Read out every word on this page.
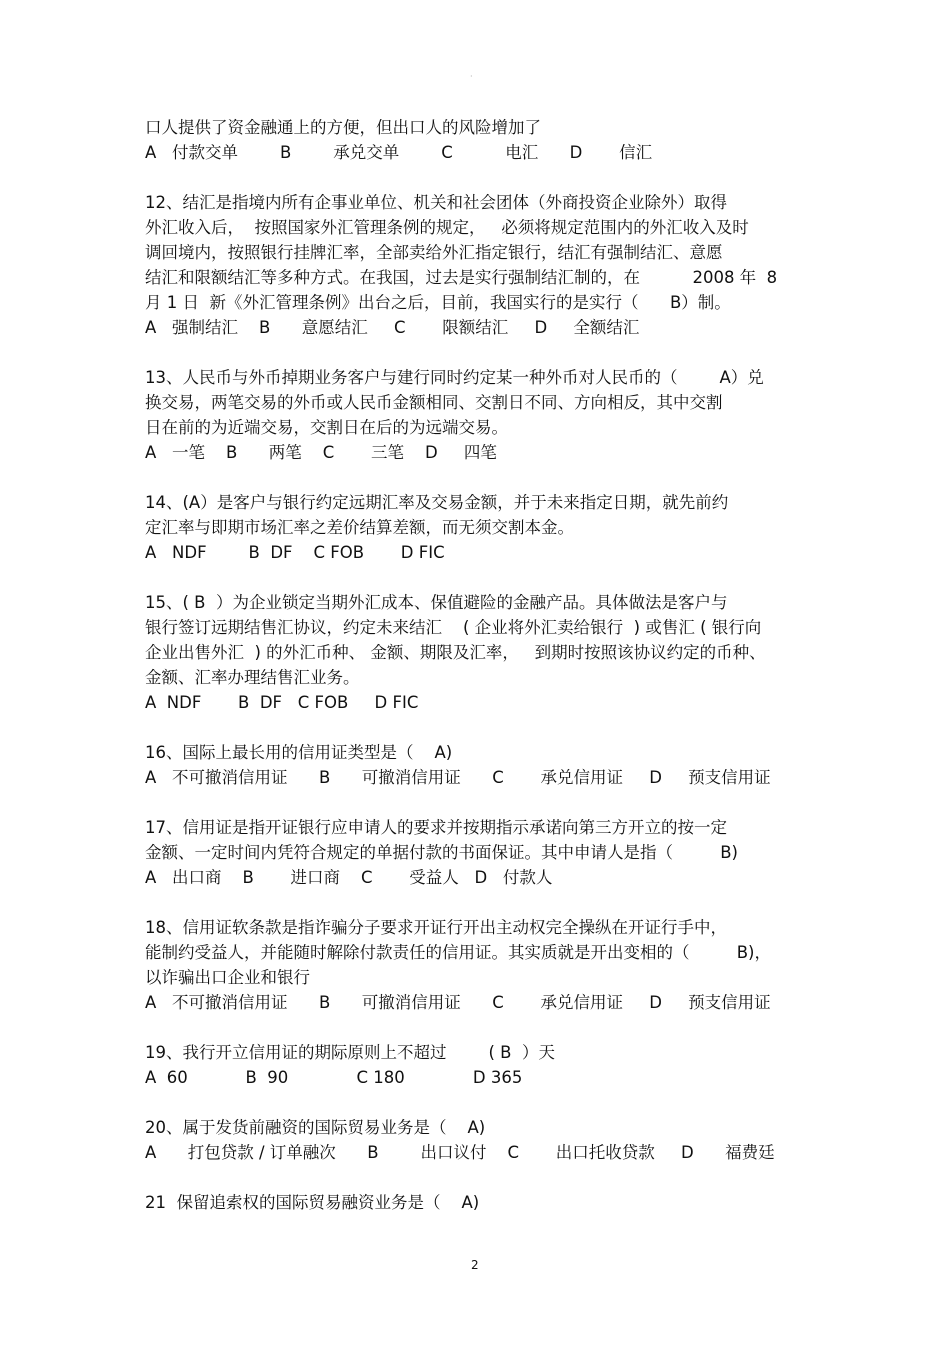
·
口人提供了资金融通上的方便，但出口人的风险增加了
A   付款交单        B        承兑交单        C          电汇      D       信汇
12、结汇是指境内所有企事业单位、机关和社会团体（外商投资企业除外）取得
外汇收入后，  按照国家外汇管理条例的规定，   必须将规定范围内的外汇收入及时
调回境内，按照银行挂牌汇率，全部卖给外汇指定银行，结汇有强制结汇、意愿
结汇和限额结汇等多种方式。在我国，过去是实行强制结汇制的，在          2008 年  8
月 1 日  新《外汇管理条例》出台之后，目前，我国实行的是实行（      B）制。
A   强制结汇    B      意愿结汇     C       限额结汇     D     全额结汇
13、人民币与外币掉期业务客户与建行同时约定某一种外币对人民币的（        A）兑
换交易，两笔交易的外币或人民币金额相同、交割日不同、方向相反，其中交割
日在前的为近端交易，交割日在后的为远端交易。
A   一笔    B      两笔    C       三笔    D     四笔
14、(A）是客户与银行约定远期汇率及交易金额，并于未来指定日期，就先前约
定汇率与即期市场汇率之差价结算差额，而无须交割本金。
A   NDF        B  DF    C FOB       D FIC
15、( B  ）为企业锁定当期外汇成本、保值避险的金融产品。具体做法是客户与
银行签订远期结售汇协议，约定未来结汇    ( 企业将外汇卖给银行  ) 或售汇 ( 银行向
企业出售外汇  ) 的外汇币种、 金额、期限及汇率，   到期时按照该协议约定的币种、
金额、汇率办理结售汇业务。
A  NDF       B  DF   C FOB     D FIC
16、国际上最长用的信用证类型是（    A)
A   不可撤消信用证      B      可撤消信用证      C       承兑信用证     D     预支信用证
17、信用证是指开证银行应申请人的要求并按期指示承诺向第三方开立的按一定
金额、一定时间内凭符合规定的单据付款的书面保证。其中申请人是指（         B)
A   出口商    B       进口商    C       受益人   D   付款人
18、信用证软条款是指诈骗分子要求开证行开出主动权完全操纵在开证行手中，
能制约受益人，并能随时解除付款责任的信用证。其实质就是开出变相的（         B)，
以诈骗出口企业和银行
A   不可撤消信用证      B      可撤消信用证      C       承兑信用证     D     预支信用证
19、我行开立信用证的期际原则上不超过        ( B  ）天
A  60           B  90             C 180             D 365
20、属于发货前融资的国际贸易业务是（    A)
A      打包贷款 / 订单融次      B        出口议付    C       出口托收贷款     D      福费廷
21  保留追索权的国际贸易融资业务是（    A)
2
